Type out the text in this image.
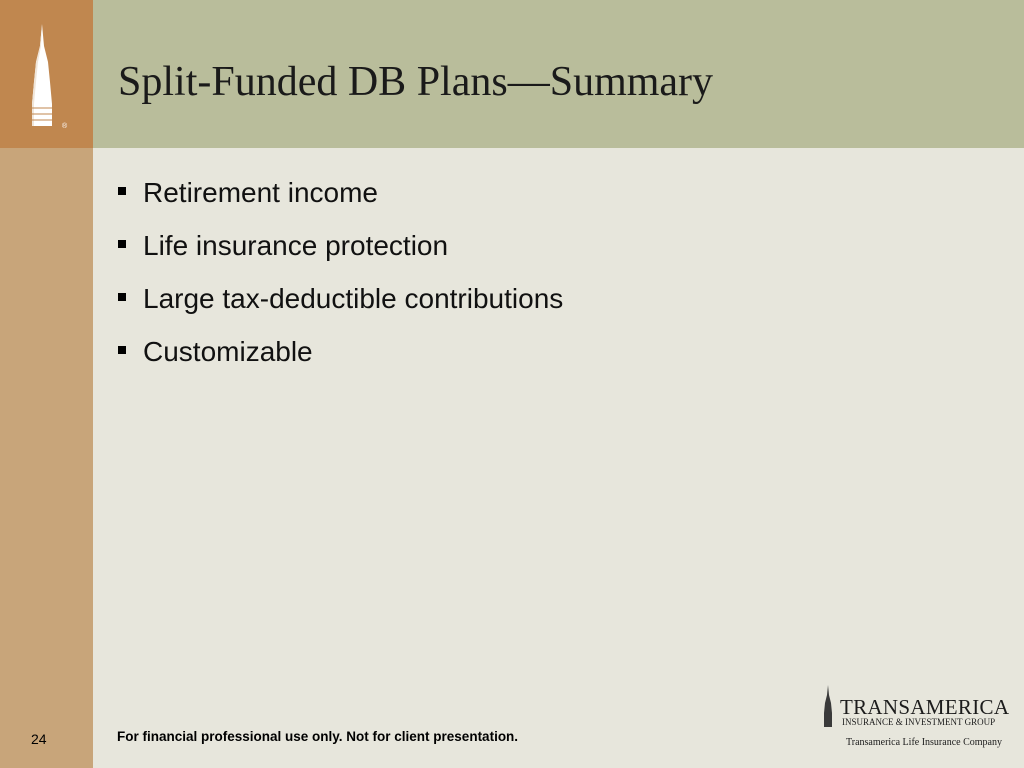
®
Split-Funded DB Plans—Summary
Retirement income
Life insurance protection
Large tax-deductible contributions
Customizable
24	For financial professional use only. Not for client presentation.
TRANSAMERICA
INSURANCE & INVESTMENT GROUP
Transamerica Life Insurance Company
